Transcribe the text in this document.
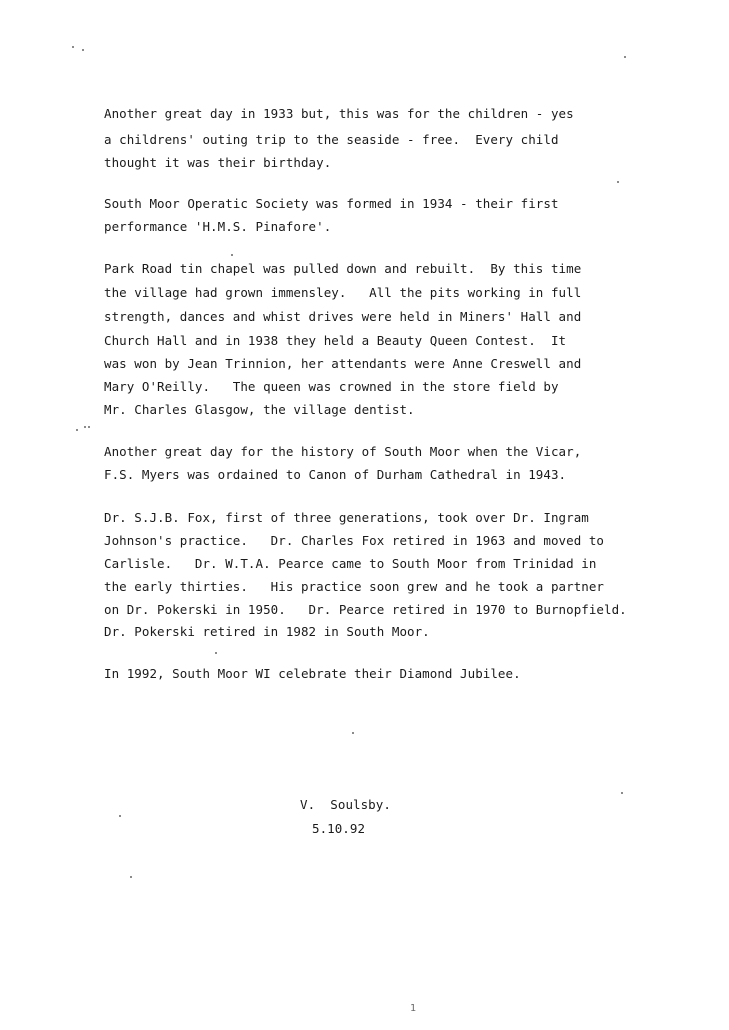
Another great day in 1933 but, this was for the children - yes
a childrens' outing trip to the seaside - free.  Every child
thought it was their birthday.
South Moor Operatic Society was formed in 1934 - their first
performance 'H.M.S. Pinafore'.
Park Road tin chapel was pulled down and rebuilt.  By this time
the village had grown immensley.   All the pits working in full
strength, dances and whist drives were held in Miners' Hall and
Church Hall and in 1938 they held a Beauty Queen Contest.  It
was won by Jean Trinnion, her attendants were Anne Creswell and
Mary O'Reilly.   The queen was crowned in the store field by
Mr. Charles Glasgow, the village dentist.
Another great day for the history of South Moor when the Vicar,
F.S. Myers was ordained to Canon of Durham Cathedral in 1943.
Dr. S.J.B. Fox, first of three generations, took over Dr. Ingram
Johnson's practice.   Dr. Charles Fox retired in 1963 and moved to
Carlisle.   Dr. W.T.A. Pearce came to South Moor from Trinidad in
the early thirties.   His practice soon grew and he took a partner
on Dr. Pokerski in 1950.   Dr. Pearce retired in 1970 to Burnopfield.
Dr. Pokerski retired in 1982 in South Moor.
In 1992, South Moor WI celebrate their Diamond Jubilee.
V.  Soulsby.
5.10.92
1
